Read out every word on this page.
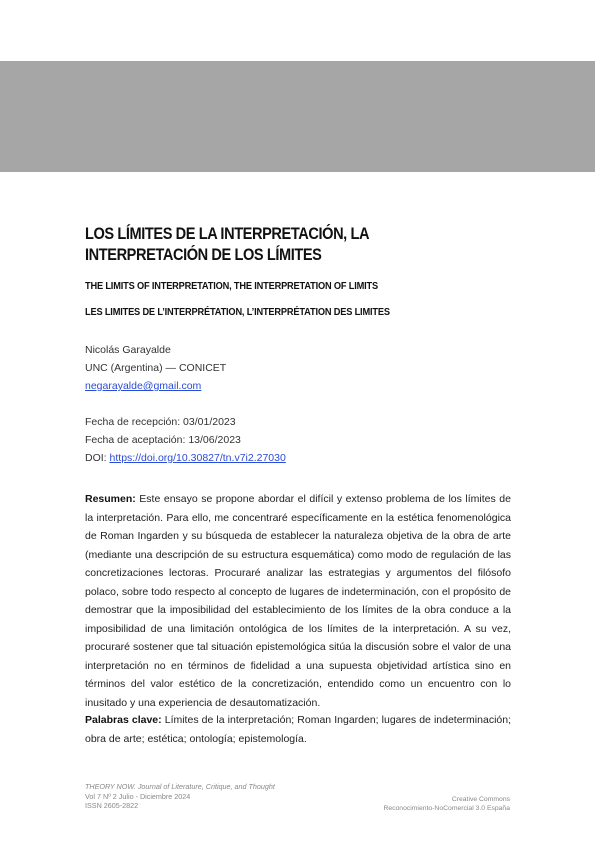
LOS LÍMITES DE LA INTERPRETACIÓN, LA INTERPRETACIÓN DE LOS LÍMITES
THE LIMITS OF INTERPRETATION, THE INTERPRETATION OF LIMITS
LES LIMITES DE L’INTERPRÉTATION, L’INTERPRÉTATION DES LIMITES
Nicolás Garayalde
UNC (Argentina) — CONICET
negarayalde@gmail.com
Fecha de recepción: 03/01/2023
Fecha de aceptación: 13/06/2023
DOI: https://doi.org/10.30827/tn.v7i2.27030

Resumen: Este ensayo se propone abordar el difícil y extenso problema de los límites de la interpretación. Para ello, me concentraré específicamente en la estética fenomenológica de Roman Ingarden y su búsqueda de establecer la naturaleza objetiva de la obra de arte (mediante una descripción de su estructura esquemática) como modo de regulación de las concretizaciones lectoras. Procuraré analizar las estrategias y argumentos del filósofo polaco, sobre todo respecto al concepto de lugares de indeterminación, con el propósito de demostrar que la imposibilidad del establecimiento de los límites de la obra conduce a la imposibilidad de una limitación ontológica de los límites de la interpretación. A su vez, procuraré sostener que tal situación epistemológica sitúa la discusión sobre el valor de una interpretación no en términos de fidelidad a una supuesta objetividad artística sino en términos del valor estético de la concretización, entendido como un encuentro con lo inusitado y una experiencia de desautomatización.

Palabras clave: Límites de la interpretación; Roman Ingarden; lugares de indeterminación; obra de arte; estética; ontología; epistemología.

THEORY NOW. Journal of Literature, Critique, and Thought
Vol 7 Nº 2 Julio - Diciembre 2024
ISSN 2605-2822
Creative Commons
Reconocimiento-NoComercial 3.0 España
